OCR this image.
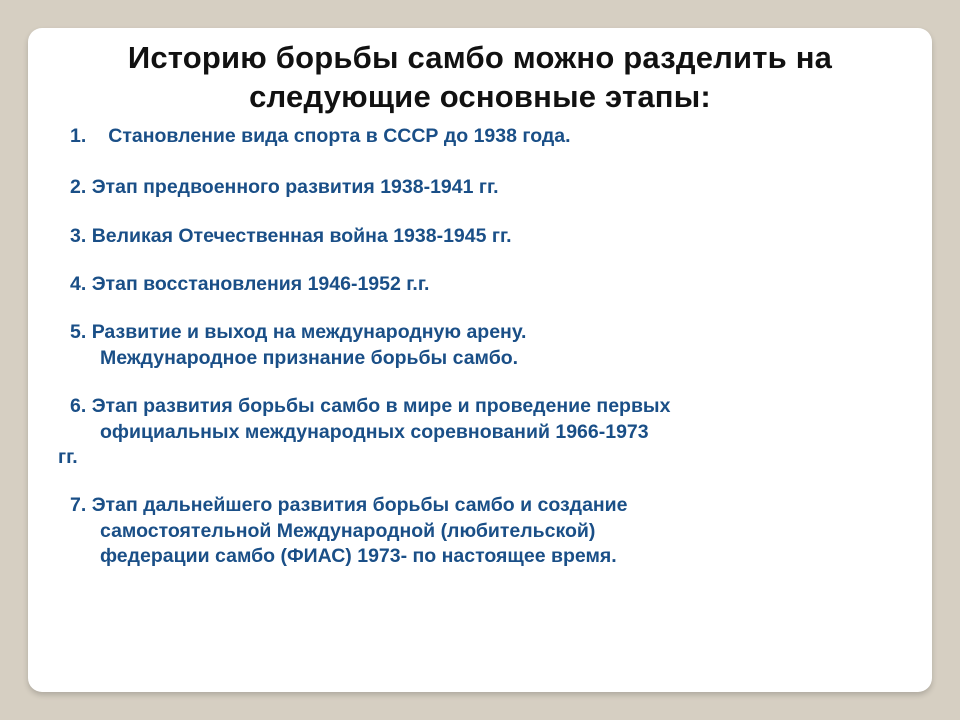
Историю борьбы самбо можно разделить на следующие основные этапы:
1. Становление вида спорта в СССР до 1938 года.
2. Этап предвоенного развития 1938-1941 гг.
3. Великая Отечественная война 1938-1945 гг.
4. Этап восстановления 1946-1952 г.г.
5. Развитие и выход на международную арену.
Международное признание борьбы самбо.
6. Этап развития борьбы самбо в мире и проведение первых
официальных международных соревнований 1966-1973
гг.
7. Этап дальнейшего развития борьбы самбо и создание
самостоятельной Международной (любительской)
федерации самбо (ФИАС) 1973- по настоящее время.
